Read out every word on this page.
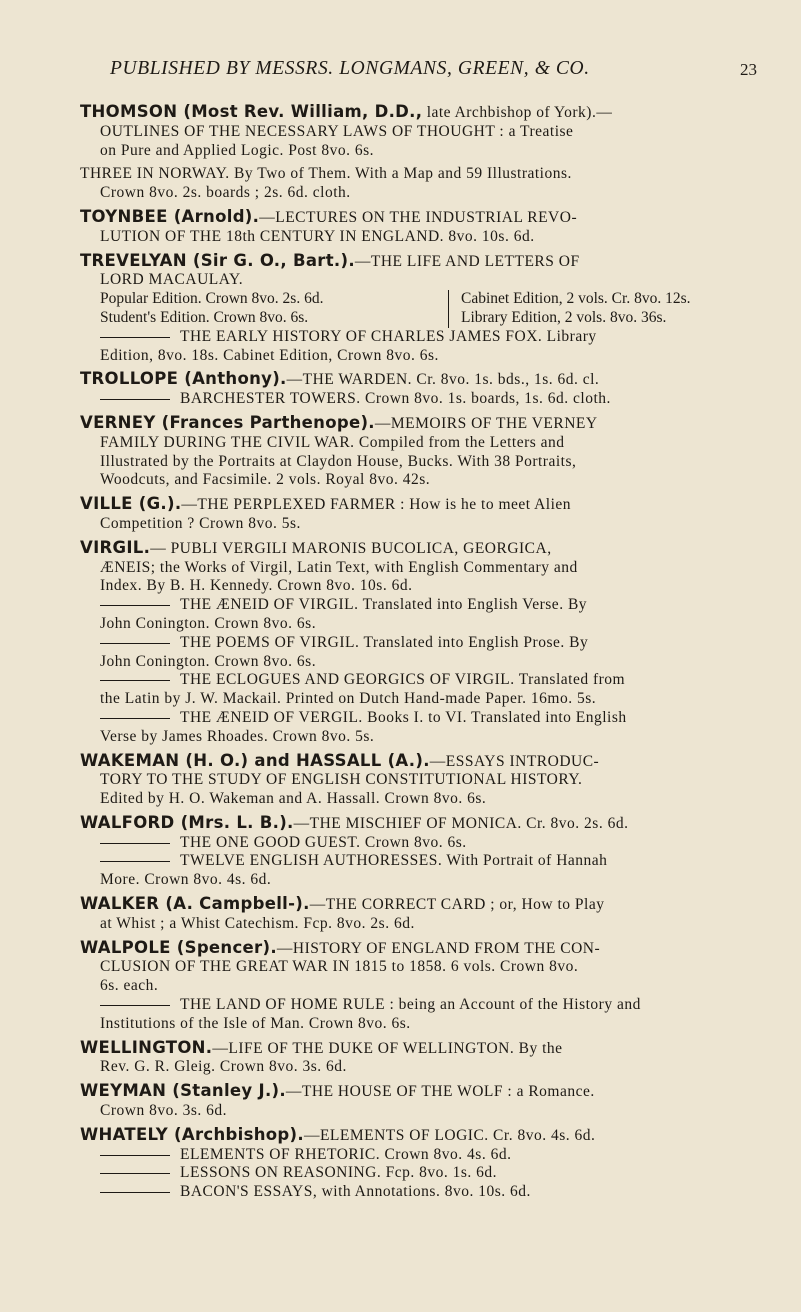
PUBLISHED BY MESSRS. LONGMANS, GREEN, & CO.	23

THOMSON (Most Rev. William, D.D., late Archbishop of York).—

OUTLINES OF THE NECESSARY LAWS OF THOUGHT : a Treatise

on Pure and Applied Logic. Post 8vo. 6s.

THREE IN NORWAY. By Two of Them. With a Map and 59 Illustrations.

Crown 8vo. 2s. boards ; 2s. 6d. cloth.

TOYNBEE (Arnold).—LECTURES ON THE INDUSTRIAL REVO-

LUTION OF THE 18th CENTURY IN ENGLAND. 8vo. 10s. 6d.

TREVELYAN (Sir G. O., Bart.).—THE LIFE AND LETTERS OF

LORD MACAULAY.

Popular Edition. Crown 8vo. 2s. 6d.

Student's Edition. Crown 8vo. 6s.

Cabinet Edition, 2 vols. Cr. 8vo. 12s.

Library Edition, 2 vols. 8vo. 36s.

THE EARLY HISTORY OF CHARLES JAMES FOX. Library

Edition, 8vo. 18s. Cabinet Edition, Crown 8vo. 6s.

TROLLOPE (Anthony).—THE WARDEN. Cr. 8vo. 1s. bds., 1s. 6d. cl.

BARCHESTER TOWERS. Crown 8vo. 1s. boards, 1s. 6d. cloth.

VERNEY (Frances Parthenope).—MEMOIRS OF THE VERNEY

FAMILY DURING THE CIVIL WAR. Compiled from the Letters and

Illustrated by the Portraits at Claydon House, Bucks. With 38 Portraits,

Woodcuts, and Facsimile. 2 vols. Royal 8vo. 42s.

VILLE (G.).—THE PERPLEXED FARMER : How is he to meet Alien

Competition ? Crown 8vo. 5s.

VIRGIL.— PUBLI VERGILI MARONIS BUCOLICA, GEORGICA,

ÆNEIS; the Works of Virgil, Latin Text, with English Commentary and

Index. By B. H. Kennedy. Crown 8vo. 10s. 6d.

THE ÆNEID OF VIRGIL. Translated into English Verse. By

John Conington. Crown 8vo. 6s.

THE POEMS OF VIRGIL. Translated into English Prose. By

John Conington. Crown 8vo. 6s.

THE ECLOGUES AND GEORGICS OF VIRGIL. Translated from

the Latin by J. W. Mackail. Printed on Dutch Hand-made Paper. 16mo. 5s.

THE ÆNEID OF VERGIL. Books I. to VI. Translated into English

Verse by James Rhoades. Crown 8vo. 5s.

WAKEMAN (H. O.) and HASSALL (A.).—ESSAYS INTRODUC-

TORY TO THE STUDY OF ENGLISH CONSTITUTIONAL HISTORY.

Edited by H. O. Wakeman and A. Hassall. Crown 8vo. 6s.

WALFORD (Mrs. L. B.).—THE MISCHIEF OF MONICA. Cr. 8vo. 2s. 6d.

THE ONE GOOD GUEST. Crown 8vo. 6s.

TWELVE ENGLISH AUTHORESSES. With Portrait of Hannah

More. Crown 8vo. 4s. 6d.

WALKER (A. Campbell-).—THE CORRECT CARD ; or, How to Play

at Whist ; a Whist Catechism. Fcp. 8vo. 2s. 6d.

WALPOLE (Spencer).—HISTORY OF ENGLAND FROM THE CON-

CLUSION OF THE GREAT WAR IN 1815 to 1858. 6 vols. Crown 8vo.

6s. each.

THE LAND OF HOME RULE : being an Account of the History and

Institutions of the Isle of Man. Crown 8vo. 6s.

WELLINGTON.—LIFE OF THE DUKE OF WELLINGTON. By the

Rev. G. R. Gleig. Crown 8vo. 3s. 6d.

WEYMAN (Stanley J.).—THE HOUSE OF THE WOLF : a Romance.

Crown 8vo. 3s. 6d.

WHATELY (Archbishop).—ELEMENTS OF LOGIC. Cr. 8vo. 4s. 6d.

ELEMENTS OF RHETORIC. Crown 8vo. 4s. 6d.

LESSONS ON REASONING. Fcp. 8vo. 1s. 6d.

BACON'S ESSAYS, with Annotations. 8vo. 10s. 6d.
